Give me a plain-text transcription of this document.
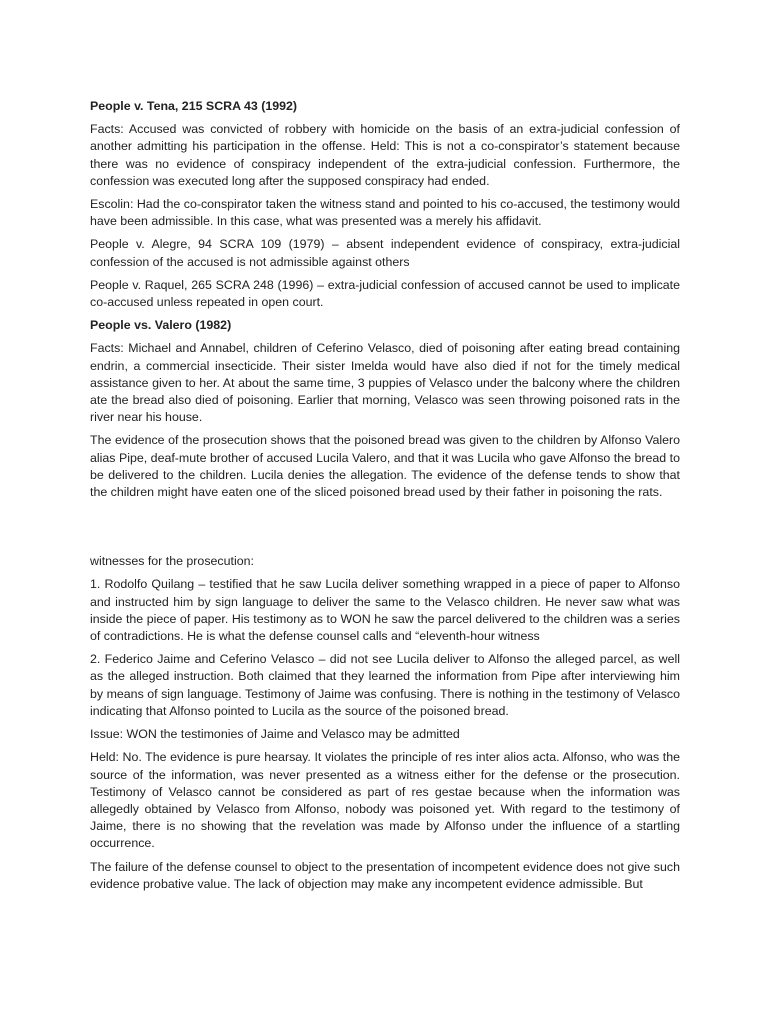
People v. Tena, 215 SCRA 43 (1992)

Facts: Accused was convicted of robbery with homicide on the basis of an extra-judicial confession of another admitting his participation in the offense. Held: This is not a co-conspirator’s statement because there was no evidence of conspiracy independent of the extra-judicial confession. Furthermore, the confession was executed long after the supposed conspiracy had ended.

Escolin: Had the co-conspirator taken the witness stand and pointed to his co-accused, the testimony would have been admissible. In this case, what was presented was a merely his affidavit.

People v. Alegre, 94 SCRA 109 (1979) – absent independent evidence of conspiracy, extra-judicial confession of the accused is not admissible against others

People v. Raquel, 265 SCRA 248 (1996) – extra-judicial confession of accused cannot be used to implicate co-accused unless repeated in open court.

People vs. Valero (1982)

Facts: Michael and Annabel, children of Ceferino Velasco, died of poisoning after eating bread containing endrin, a commercial insecticide. Their sister Imelda would have also died if not for the timely medical assistance given to her. At about the same time, 3 puppies of Velasco under the balcony where the children ate the bread also died of poisoning. Earlier that morning, Velasco was seen throwing poisoned rats in the river near his house.

The evidence of the prosecution shows that the poisoned bread was given to the children by Alfonso Valero alias Pipe, deaf-mute brother of accused Lucila Valero, and that it was Lucila who gave Alfonso the bread to be delivered to the children. Lucila denies the allegation. The evidence of the defense tends to show that the children might have eaten one of the sliced poisoned bread used by their father in poisoning the rats.

witnesses for the prosecution:

1. Rodolfo Quilang – testified that he saw Lucila deliver something wrapped in a piece of paper to Alfonso and instructed him by sign language to deliver the same to the Velasco children. He never saw what was inside the piece of paper. His testimony as to WON he saw the parcel delivered to the children was a series of contradictions. He is what the defense counsel calls and “eleventh-hour witness

2. Federico Jaime and Ceferino Velasco – did not see Lucila deliver to Alfonso the alleged parcel, as well as the alleged instruction. Both claimed that they learned the information from Pipe after interviewing him by means of sign language. Testimony of Jaime was confusing. There is nothing in the testimony of Velasco indicating that Alfonso pointed to Lucila as the source of the poisoned bread.

Issue: WON the testimonies of Jaime and Velasco may be admitted

Held: No. The evidence is pure hearsay. It violates the principle of res inter alios acta. Alfonso, who was the source of the information, was never presented as a witness either for the defense or the prosecution. Testimony of Velasco cannot be considered as part of res gestae because when the information was allegedly obtained by Velasco from Alfonso, nobody was poisoned yet. With regard to the testimony of Jaime, there is no showing that the revelation was made by Alfonso under the influence of a startling occurrence.

The failure of the defense counsel to object to the presentation of incompetent evidence does not give such evidence probative value. The lack of objection may make any incompetent evidence admissible. But
